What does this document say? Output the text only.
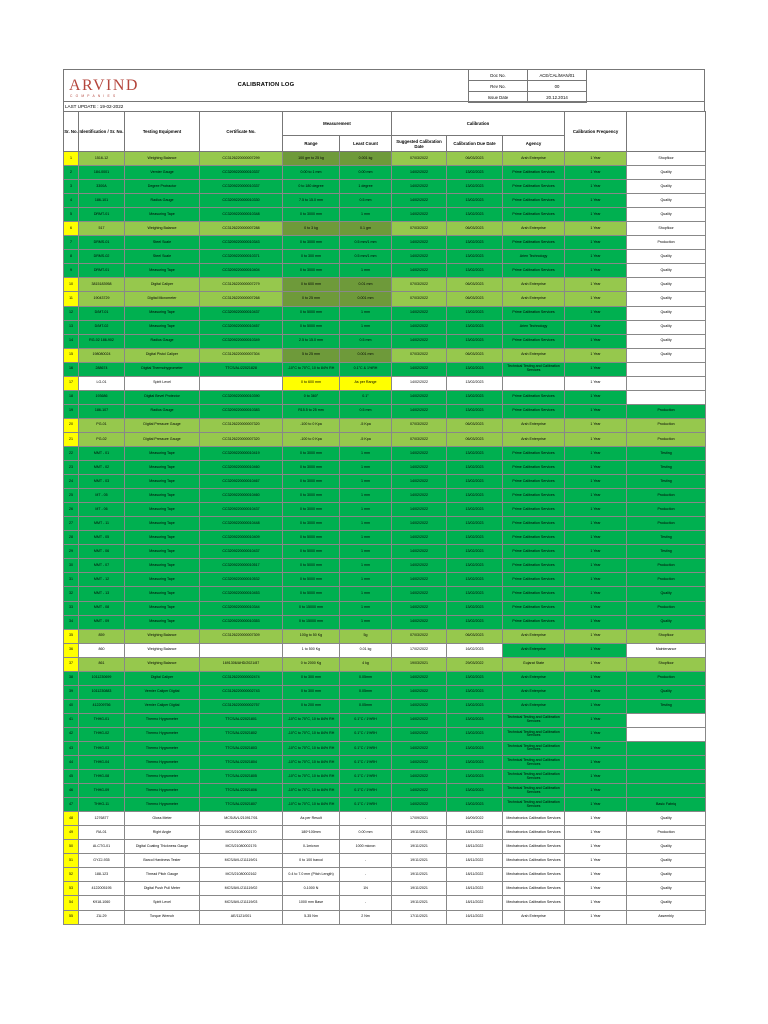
ARVIND
COMPANIES
CALIBRATION LOG
Doc No.	ACE/CAL/MAN/01
Rev No.	00
Issue Date	20.12.2014
LAST UPDATE : 19-02-2022
Sr. No.	Identification / Sr. No.	Testing Equipment	Certificate No.	Measurement		Calibration			Calibration Frequency	
				Range	Least Count	Suggested Calibration Date	Calibration Due Date	Agency		
1	1516-12	Weighing Balance	CC3126220000007299	100 gm to 25 kg	0.001 kg	07/03/2022	06/03/2023	Arsh Enterprise	1 Year	Shopfloor
2	184-0001	Vernier Gauge	CC3209220000010337	0.00 to 1 mm	0.00 mm	14/02/2022	13/02/2023	Prime Calibration Services	1 Year	Quality
3	3300A	Degree Protractor	CC3209220000010337	0 to 180 degree	1 degree	14/02/2022	13/02/2023	Prime Calibration Services	1 Year	Quality
4	186-101	Radius Gauge	CC3209220000010330	7.5 to 15.0 mm	0.5 mm	14/02/2022	13/02/2023	Prime Calibration Services	1 Year	Quality
5	DRMT-01	Measuring Tape	CC3209220000010348	0 to 3000 mm	1 mm	14/02/2022	13/02/2023	Prime Calibration Services	1 Year	Quality
6	517	Weighing Balance	CC3126220000007288	0 to 3 kg	0.1 gm	07/03/2022	06/03/2023	Arsh Enterprise	1 Year	Shopfloor
7	DRMS-01	Steel Scale	CC3209220000010343	0 to 3000 mm	0.5 mm/1 mm	14/02/2022	13/02/2023	Prime Calibration Services	1 Year	Production
8	DRMS-02	Steel Scale	CC3209220000010371	0 to 300 mm	0.5 mm/1 mm	14/02/2022	13/02/2023	Arien Technology	1 Year	Quality
9	DRMT-01	Measuring Tape	CC3209220000010404	0 to 3000 mm	1 mm	14/02/2022	13/02/2023	Prime Calibration Services	1 Year	Quality
10	3815183958	Digital Caliper	CC3126220000007279	0 to 600 mm	0.01 mm	07/03/2022	06/03/2023	Arsh Enterprise	1 Year	Quality
11	19043729	Digital Micrometer	CC3126220000007268	0 to 25 mm	0.001 mm	07/03/2022	06/03/2023	Arsh Enterprise	1 Year	Quality
12	D/MT-01	Measuring Tape	CC3209220000010437	0 to 5000 mm	1 mm	14/02/2022	13/02/2023	Prime Calibration Services	1 Year	Quality
13	D/MT-02	Measuring Tape	CC3209220000010457	0 to 5000 mm	1 mm	14/02/2022	13/02/2023	Arien Technology	1 Year	Quality
14	RG-02 186-902	Radius Gauge	CC3209220000010349	2.5 to 15.0 mm	0.5 mm	14/02/2022	13/02/2023	Prime Calibration Services	1 Year	Quality
15	198080024	Digital Pistol Caliper	CC3126220000007304	5 to 25 mm	0.001 mm	07/03/2022	06/03/2023	Arsh Enterprise	1 Year	Quality
16	288674	Digital Thermohygrometer	TTCS/AL/22021828	-10°C to 70°C, 10 to 84% RH	0.1°C & 1%RH	14/02/2022	13/02/2023	Technical Testing and Calibration Services	1 Year	
17	LG-01	Spirit Level		0 to 600 mm	As per Range	14/02/2022	13/02/2023		1 Year	
18	193686	Digital Bevel Protector	CC3209220000010390	0 to 360°	0.1°	14/02/2022	13/02/2023	Prime Calibration Services	1 Year	
19	186-107	Radius Gauge	CC3209220000010383	R15.5 to 25 mm	0.5 mm	14/02/2022	13/02/2023	Prime Calibration Services	1 Year	Production
20	PG-01	Digital Pressure Gauge	CC3126220000007320	-100 to 0 Kpa	-5 Kpa	07/03/2022	06/03/2023	Arsh Enterprise	1 Year	Production
21	PG-02	Digital Pressure Gauge	CC3126220000007320	-100 to 0 Kpa	-5 Kpa	07/03/2022	06/03/2023	Arsh Enterprise	1 Year	Production
22	MMT - 01	Measuring Tape	CC3209220000010419	0 to 3000 mm	1 mm	14/02/2022	13/02/2023	Prime Calibration Services	1 Year	Testing
23	MMT - 02	Measuring Tape	CC3209220000010460	0 to 3000 mm	1 mm	14/02/2022	13/02/2023	Prime Calibration Services	1 Year	Testing
24	MMT - 03	Measuring Tape	CC3209220000010467	0 to 3000 mm	1 mm	14/02/2022	13/02/2023	Prime Calibration Services	1 Year	Testing
25	MT - 05	Measuring Tape	CC3209220000010460	0 to 3000 mm	1 mm	14/02/2022	13/02/2023	Prime Calibration Services	1 Year	Production
26	MT - 06	Measuring Tape	CC3209220000010437	0 to 3000 mm	1 mm	14/02/2022	13/02/2023	Prime Calibration Services	1 Year	Production
27	MMT - 11	Measuring Tape	CC3209220000010448	0 to 3000 mm	1 mm	14/02/2022	13/02/2023	Prime Calibration Services	1 Year	Production
28	MMT - 05	Measuring Tape	CC3209220000010409	0 to 5000 mm	1 mm	14/02/2022	13/02/2023	Prime Calibration Services	1 Year	Testing
29	MMT - 06	Measuring Tape	CC3209220000010437	0 to 5000 mm	1 mm	14/02/2022	13/02/2023	Prime Calibration Services	1 Year	Testing
30	MMT - 07	Measuring Tape	CC3209220000010517	0 to 5000 mm	1 mm	14/02/2022	13/02/2023	Prime Calibration Services	1 Year	Production
31	MMT - 12	Measuring Tape	CC3209220000010532	0 to 5000 mm	1 mm	14/02/2022	13/02/2023	Prime Calibration Services	1 Year	Production
32	MMT - 13	Measuring Tape	CC3209220000010453	0 to 5000 mm	1 mm	14/02/2022	13/02/2023	Prime Calibration Services	1 Year	Quality
33	MMT - 08	Measuring Tape	CC3209220000010344	0 to 15000 mm	1 mm	14/02/2022	13/02/2023	Prime Calibration Services	1 Year	Production
34	MMT - 09	Measuring Tape	CC3209220000010353	0 to 15000 mm	1 mm	14/02/2022	13/02/2023	Prime Calibration Services	1 Year	Quality
35	859	Weighing Balance	CC3126220000007309	100g to 50 Kg	5g	07/03/2022	06/03/2023	Arsh Enterprise	1 Year	Shopfloor
36	860	Weighing Balance		1 to 500 Kg	0.01 kg	17/02/2022	16/02/2023	Arsh Enterprise	1 Year	Maintenance
37	861	Weighing Balance	1691306/AHD/2021/87	0 to 2000 Kg	4 kg	19/03/2021	29/03/2022	Gujarat State	1 Year	Shopfloor
38	1011230699	Digital Caliper	CC3126220000002474	0 to 300 mm	0.05mm	14/02/2022	13/02/2023	Arsh Enterprise	1 Year	Production
39	1011230883	Vernier Caliper Digital	CC3126220000002743	0 to 300 mm	0.05mm	14/02/2022	13/02/2023	Arsh Enterprise	1 Year	Quality
40	412209756	Vernier Caliper Digital	CC3126220000002757	0 to 200 mm	0.05mm	14/02/2022	13/02/2023	Arsh Enterprise	1 Year	Testing
41	THHG-01	Thermo Hygrometer	TTCS/AL/22021801	-10°C to 70°C, 10 to 84% RH	0.1°C / 1%RH	14/02/2022	13/02/2023	Technical Testing and Calibration Services	1 Year	
42	THHG-02	Thermo Hygrometer	TTCS/AL/22021802	-10°C to 70°C, 10 to 84% RH	0.1°C / 1%RH	14/02/2022	13/02/2023	Technical Testing and Calibration Services	1 Year	
43	THHG-03	Thermo Hygrometer	TTCS/AL/22021803	-10°C to 70°C, 10 to 84% RH	0.1°C / 1%RH	14/02/2022	13/02/2023	Technical Testing and Calibration Services	1 Year	
44	THHG-04	Thermo Hygrometer	TTCS/AL/22021804	-10°C to 70°C, 10 to 84% RH	0.1°C / 1%RH	14/02/2022	13/02/2023	Technical Testing and Calibration Services	1 Year	
45	THHG-08	Thermo Hygrometer	TTCS/AL/22021805	-10°C to 70°C, 10 to 84% RH	0.1°C / 1%RH	14/02/2022	13/02/2023	Technical Testing and Calibration Services	1 Year	
46	THHG-09	Thermo Hygrometer	TTCS/AL/22021806	-10°C to 70°C, 10 to 84% RH	0.1°C / 1%RH	14/02/2022	13/02/2023	Technical Testing and Calibration Services	1 Year	
47	THHG-11	Thermo Hygrometer	TTCS/AL/22021807	-10°C to 70°C, 10 to 84% RH	0.1°C / 1%RH	14/02/2022	13/02/2023	Technical Testing and Calibration Services	1 Year	Basic Fabriq
48	1276877	Gloss Meter	MCS/AVL/210917/01	As per Result	-	17/09/2021	16/09/2022	Mechatronics Calibration Services	1 Year	Quality
49	RA-01	Right Angle	MCS/21080002170	180*100mm	0.00 mm	19/11/2021	18/11/2022	Mechatronics Calibration Services	1 Year	Production
50	AI-CTG-01	Digital Coating Thickness Gauge	MCS/21080002176	0-1micron	1000 micron	19/11/2021	18/11/2022	Mechatronics Calibration Services	1 Year	Quality
51	GYZJ-935	Barcol Hardness Tester	MCS/AVL/211119/01	0 to 100 barcol	-	19/11/2021	18/11/2022	Mechatronics Calibration Services	1 Year	Quality
52	188-123	Thread Pitch Gauge	MCS/21080002162	0.4 to 7.0 mm (Pitch Length)	-	19/11/2021	18/11/2022	Mechatronics Calibration Services	1 Year	Quality
53	4122005195	Digital Push Pull Meter	MCS/AVL/211119/02	0-1000 N	1N	19/11/2021	18/11/2022	Mechatronics Calibration Services	1 Year	Quality
54	K918-1060	Spirit Level	MCS/AVL/211119/03	1000 mm Base	-	19/11/2021	18/11/2022	Mechatronics Calibration Services	1 Year	Quality
55	ZU-29	Torque Wrench	AE/1121/001	5-35 Nm	2 Nm	17/11/2021	16/11/2022	Arsh Enterprise	1 Year	Assembly
